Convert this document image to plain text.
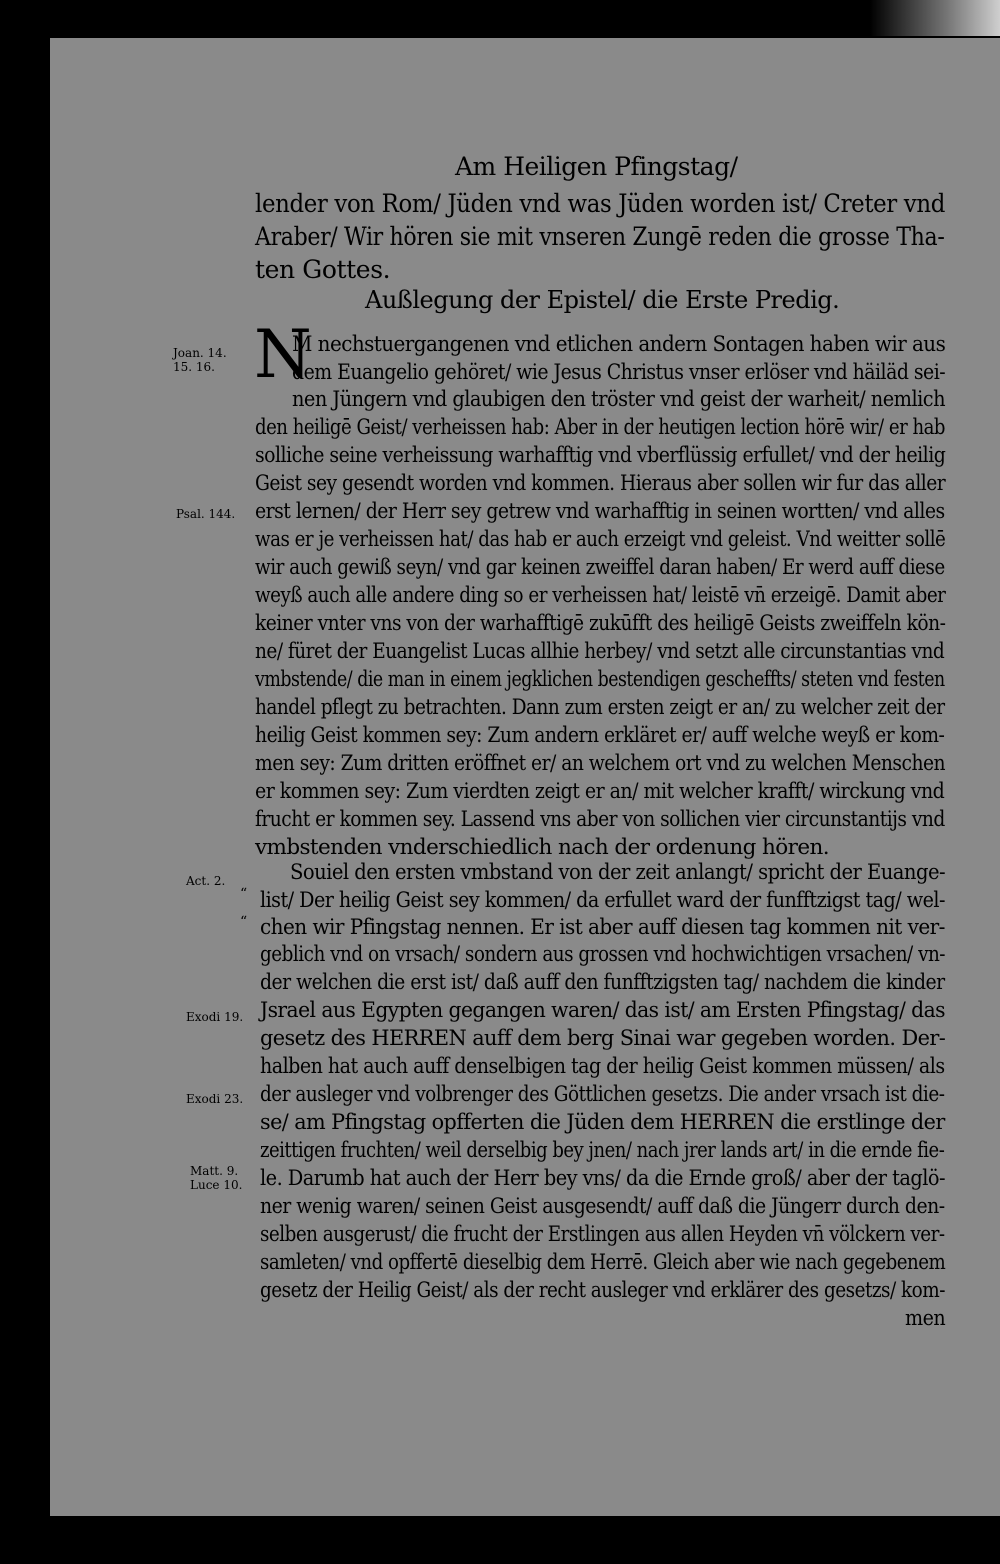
Am Heiligen Pfingstag/
lender von Rom/ Jüden vnd was Jüden worden ist/ Creter vnd
Araber/ Wir hören sie mit vnseren Zungē reden die grosse Tha-
ten Gottes.
Außlegung der Epistel/ die Erste Predig.
N
M nechstuergangenen vnd etlichen andern Sontagen haben wir aus
dem Euangelio gehöret/ wie Jesus Christus vnser erlöser vnd häiläd sei-
nen Jüngern vnd glaubigen den tröster vnd geist der warheit/ nemlich
den heiligē Geist/ verheissen hab: Aber in der heutigen lection hörē wir/ er hab
solliche seine verheissung warhafftig vnd vberflüssig erfullet/ vnd der heilig
Geist sey gesendt worden vnd kommen. Hieraus aber sollen wir fur das aller
erst lernen/ der Herr sey getrew vnd warhafftig in seinen wortten/ vnd alles
was er je verheissen hat/ das hab er auch erzeigt vnd geleist. Vnd weitter sollē
wir auch gewiß seyn/ vnd gar keinen zweiffel daran haben/ Er werd auff diese
weyß auch alle andere ding so er verheissen hat/ leistē vn̄ erzeigē. Damit aber
keiner vnter vns von der warhafftigē zukūfft des heiligē Geists zweiffeln kön-
ne/ füret der Euangelist Lucas allhie herbey/ vnd setzt alle circunstantias vnd
vmbstende/ die man in einem jegklichen bestendigen gescheffts/ steten vnd festen
handel pflegt zu betrachten. Dann zum ersten zeigt er an/ zu welcher zeit der
heilig Geist kommen sey: Zum andern erkläret er/ auff welche weyß er kom-
men sey: Zum dritten eröffnet er/ an welchem ort vnd zu welchen Menschen
er kommen sey: Zum vierdten zeigt er an/ mit welcher krafft/ wirckung vnd
frucht er kommen sey. Lassend vns aber von sollichen vier circunstantijs vnd
vmbstenden vnderschiedlich nach der ordenung hören.
Souiel den ersten vmbstand von der zeit anlangt/ spricht der Euange-
list/ Der heilig Geist sey kommen/ da erfullet ward der funfftzigst tag/ wel-
chen wir Pfingstag nennen. Er ist aber auff diesen tag kommen nit ver-
geblich vnd on vrsach/ sondern aus grossen vnd hochwichtigen vrsachen/ vn-
der welchen die erst ist/ daß auff den funfftzigsten tag/ nachdem die kinder
Jsrael aus Egypten gegangen waren/ das ist/ am Ersten Pfingstag/ das
gesetz des HERREN auff dem berg Sinai war gegeben worden. Der-
halben hat auch auff denselbigen tag der heilig Geist kommen müssen/ als
der ausleger vnd volbrenger des Göttlichen gesetzs. Die ander vrsach ist die-
se/ am Pfingstag opfferten die Jüden dem HERREN die erstlinge der
zeittigen fruchten/ weil derselbig bey jnen/ nach jrer lands art/ in die ernde fie-
le. Darumb hat auch der Herr bey vns/ da die Ernde groß/ aber der taglö-
ner wenig waren/ seinen Geist ausgesendt/ auff daß die Jüngerr durch den-
selben ausgerust/ die frucht der Erstlingen aus allen Heyden vn̄ völckern ver-
samleten/ vnd opffertē dieselbig dem Herrē. Gleich aber wie nach gegebenem
gesetz der Heilig Geist/ als der recht ausleger vnd erklärer des gesetzs/ kom-
men
Joan. 14.
15. 16.
Psal. 144.
Act. 2.
Exodi 19.
Exodi 23.
Matt. 9.
Luce 10.
“
“
